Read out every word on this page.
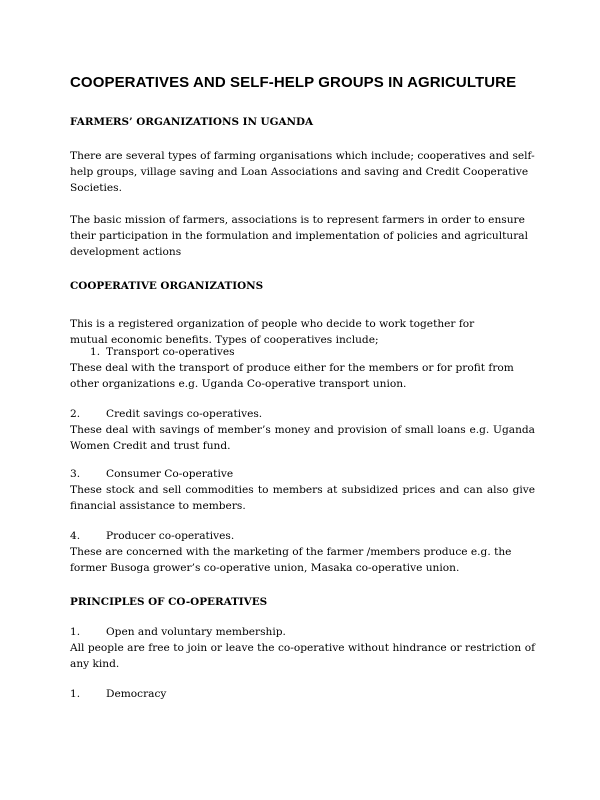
COOPERATIVES AND SELF-HELP GROUPS IN AGRICULTURE
FARMERS’ ORGANIZATIONS IN UGANDA

There are several types of farming organisations which include; cooperatives and self-help groups, village saving and Loan Associations and saving and Credit Cooperative Societies.

The basic mission of farmers, associations is to represent farmers in order to ensure their participation in the formulation and implementation of policies and agricultural development actions

COOPERATIVE ORGANIZATIONS

This is a registered organization of people who decide to work together for mutual economic benefits. Types of cooperatives include;

1. Transport co-operatives

These deal with the transport of produce either for the members or for profit from other organizations e.g. Uganda Co-operative transport union.

2. Credit savings co-operatives.

These deal with savings of member’s money and provision of small loans e.g. Uganda Women Credit and trust fund.

3. Consumer Co-operative

These stock and sell commodities to members at subsidized prices and can also give financial assistance to members.

4. Producer co-operatives.

These are concerned with the marketing of the farmer /members produce e.g. the former Busoga grower’s co-operative union, Masaka co-operative union.

PRINCIPLES OF CO-OPERATIVES
1. Open and voluntary membership.

All people are free to join or leave the co-operative without hindrance or restriction of any kind.

1. Democracy
